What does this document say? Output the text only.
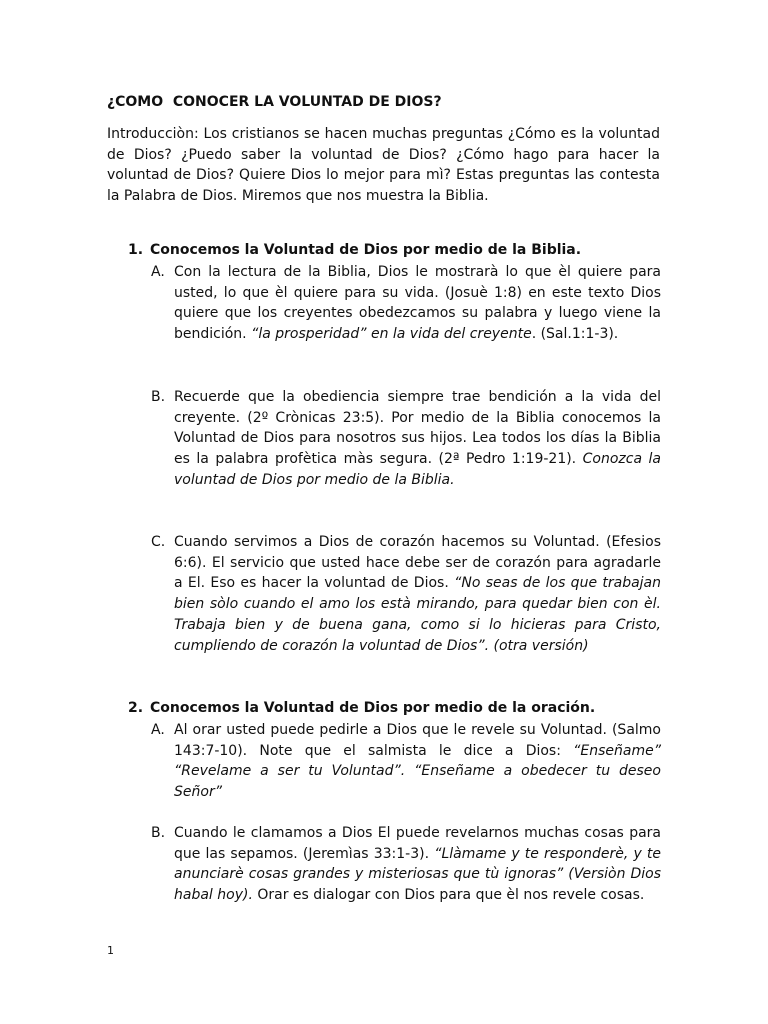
¿COMO  CONOCER LA VOLUNTAD DE DIOS?
Introducciòn: Los cristianos se hacen muchas preguntas ¿Cómo es la voluntad de Dios? ¿Puedo saber la voluntad de Dios? ¿Cómo hago para hacer la voluntad de Dios? Quiere Dios lo mejor para mì? Estas preguntas las contesta la Palabra de Dios. Miremos que nos muestra la Biblia.
1. Conocemos la Voluntad de Dios por medio de la Biblia.
A. Con la lectura de la Biblia, Dios le mostrarà lo que èl quiere para usted, lo que èl quiere para su vida. (Josuè 1:8) en este texto Dios quiere que los creyentes obedezcamos su palabra y luego viene la bendición. “la prosperidad” en la vida del creyente. (Sal.1:1-3).
B. Recuerde que la obediencia siempre trae bendición a la vida del creyente. (2º Crònicas 23:5). Por medio de la Biblia conocemos la Voluntad de Dios para nosotros sus hijos. Lea todos los días la Biblia es la palabra profètica màs segura. (2ª Pedro 1:19-21). Conozca la voluntad de Dios por medio de la Biblia.
C. Cuando servimos a Dios de corazón hacemos su Voluntad. (Efesios 6:6). El servicio que usted hace debe ser de corazón para agradarle a El. Eso es hacer la voluntad de Dios. “No seas de los que trabajan bien sòlo cuando el amo los està mirando, para quedar bien con èl. Trabaja bien y de buena gana, como si lo hicieras para Cristo, cumpliendo de corazón la voluntad de Dios”. (otra versión)
2. Conocemos la Voluntad de Dios por medio de la oración.
A. Al orar usted puede pedirle a Dios que le revele su Voluntad. (Salmo 143:7-10). Note que el salmista le dice a Dios: “Enseñame” “Revelame a ser tu Voluntad”. “Enseñame a obedecer tu deseo Señor”
B. Cuando le clamamos a Dios El puede revelarnos muchas cosas para que las sepamos. (Jeremìas 33:1-3). “Llàmame y te responderè, y te anunciarè cosas grandes y misteriosas que tù ignoras” (Versiòn Dios habal hoy). Orar es dialogar con Dios para que èl nos revele cosas.
1
